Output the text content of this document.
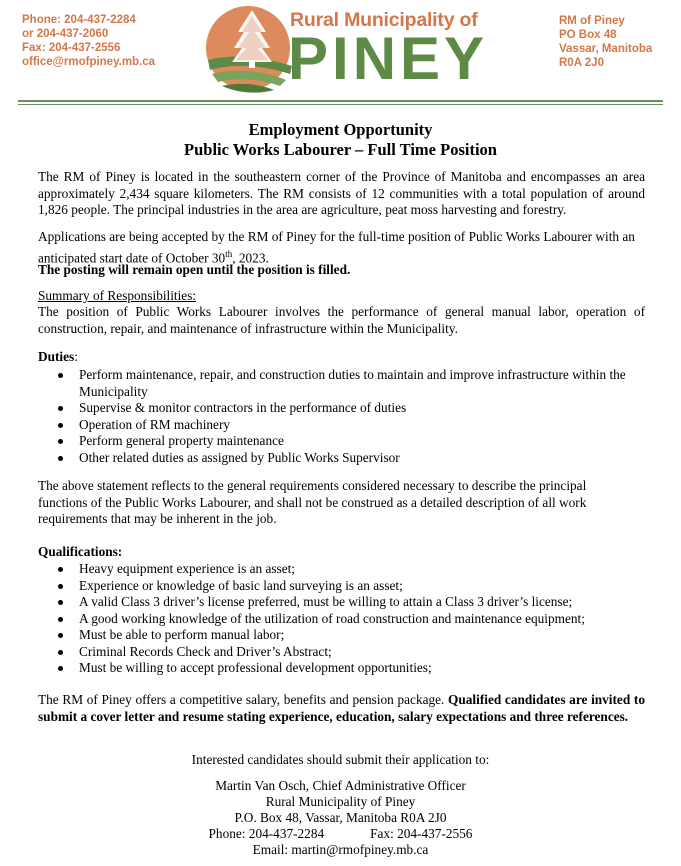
Phone: 204-437-2284
or 204-437-2060
Fax: 204-437-2556
office@rmofpiney.mb.ca
Rural Municipality of
PINEY
RM of Piney
PO Box 48
Vassar, Manitoba
R0A 2J0
Employment Opportunity
Public Works Labourer – Full Time Position
The RM of Piney is located in the southeastern corner of the Province of Manitoba and encompasses an area approximately 2,434 square kilometers. The RM consists of 12 communities with a total population of around 1,826 people. The principal industries in the area are agriculture, peat moss harvesting and forestry.
Applications are being accepted by the RM of Piney for the full-time position of Public Works Labourer with an anticipated start date of October 30th, 2023.
The posting will remain open until the position is filled.
Summary of Responsibilities:
The position of Public Works Labourer involves the performance of general manual labor, operation of construction, repair, and maintenance of infrastructure within the Municipality.
Duties:
Perform maintenance, repair, and construction duties to maintain and improve infrastructure within the Municipality
Supervise & monitor contractors in the performance of duties
Operation of RM machinery
Perform general property maintenance
Other related duties as assigned by Public Works Supervisor
The above statement reflects to the general requirements considered necessary to describe the principal functions of the Public Works Labourer, and shall not be construed as a detailed description of all work requirements that may be inherent in the job.
Qualifications:
Heavy equipment experience is an asset;
Experience or knowledge of basic land surveying is an asset;
A valid Class 3 driver’s license preferred, must be willing to attain a Class 3 driver’s license;
A good working knowledge of the utilization of road construction and maintenance equipment;
Must be able to perform manual labor;
Criminal Records Check and Driver’s Abstract;
Must be willing to accept professional development opportunities;
The RM of Piney offers a competitive salary, benefits and pension package. Qualified candidates are invited to submit a cover letter and resume stating experience, education, salary expectations and three references.
Interested candidates should submit their application to:
Martin Van Osch, Chief Administrative Officer
Rural Municipality of Piney
P.O. Box 48, Vassar, Manitoba R0A 2J0
Phone: 204-437-2284	Fax: 204-437-2556
Email: martin@rmofpiney.mb.ca
